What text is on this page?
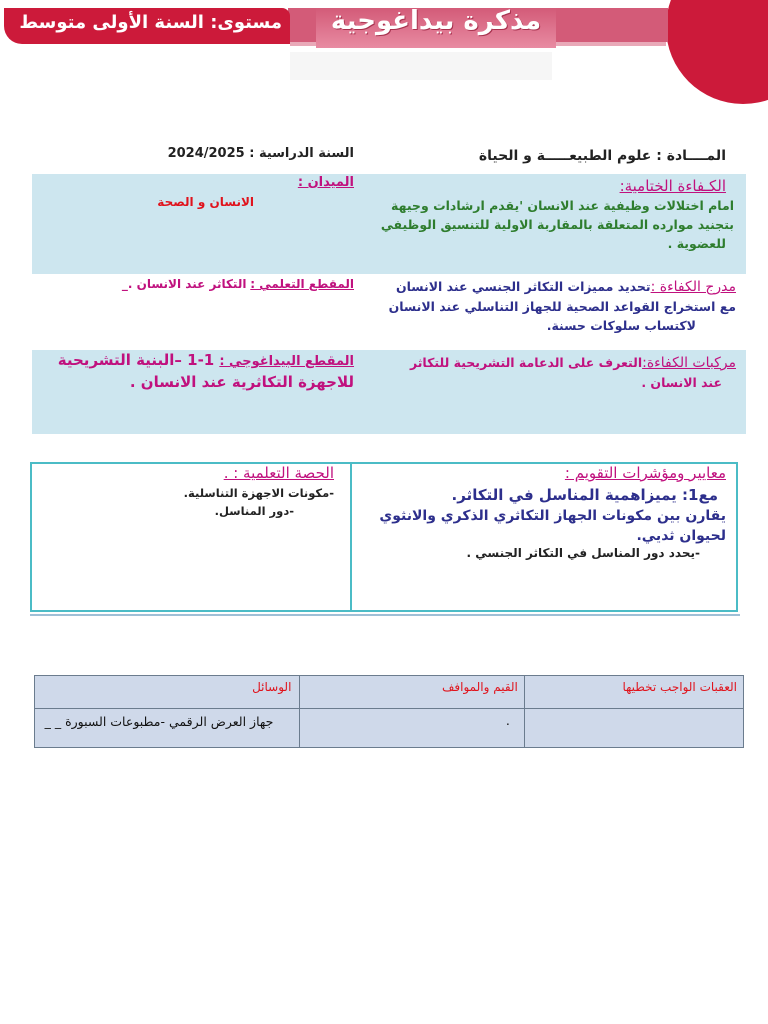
مذكرة بيداغوجية
مستوى: السنة الأولى متوسط
المــــادة : علوم الطبيعـــــة و الحياة
السنة الدراسية : 2024/2025
الكـفاءة الختامية:
امام اختلالات وظيفية عند الانسان 'يقدم ارشادات وجيهة
بتجنيد موارده المتعلقة بالمقاربة الاولية للتنسيق الوظيفي
للعضوية .
الميدان :
الانسان و الصحة
مدرج الكفاءة :تحديد مميزات التكاثر الجنسي عند الانسان
مع استخراج القواعد الصحية للجهاز التناسلي عند الانسان
لاكتساب سلوكات حسنة.
المقطع التعلمي : التكاثر عند الانسان ._
مركبات الكفاءة:التعرف على الدعامة التشريحية للتكاثر
عند الانسان .
المقطع البيداغوجي : 1-1 –البنية التشريحية
للاجهزة التكاثرية عند الانسان .
معايير ومؤشرات التقويم :
مع1: يميزاهمية المناسل في التكاثر.
يقارن بين مكونات الجهاز التكاثري الذكري والانثوي
لحيوان ثديي.
-يحدد دور المناسل في التكاثر الجنسي .
الحصة التعلمية : .
-مكونات الاجهزة التناسلية.
-دور المناسل.
العقبات الواجب تخطيها	القيم والموافف	الوسائل
	.	جهاز العرض الرقمي -مطبوعات السبورة _ _
